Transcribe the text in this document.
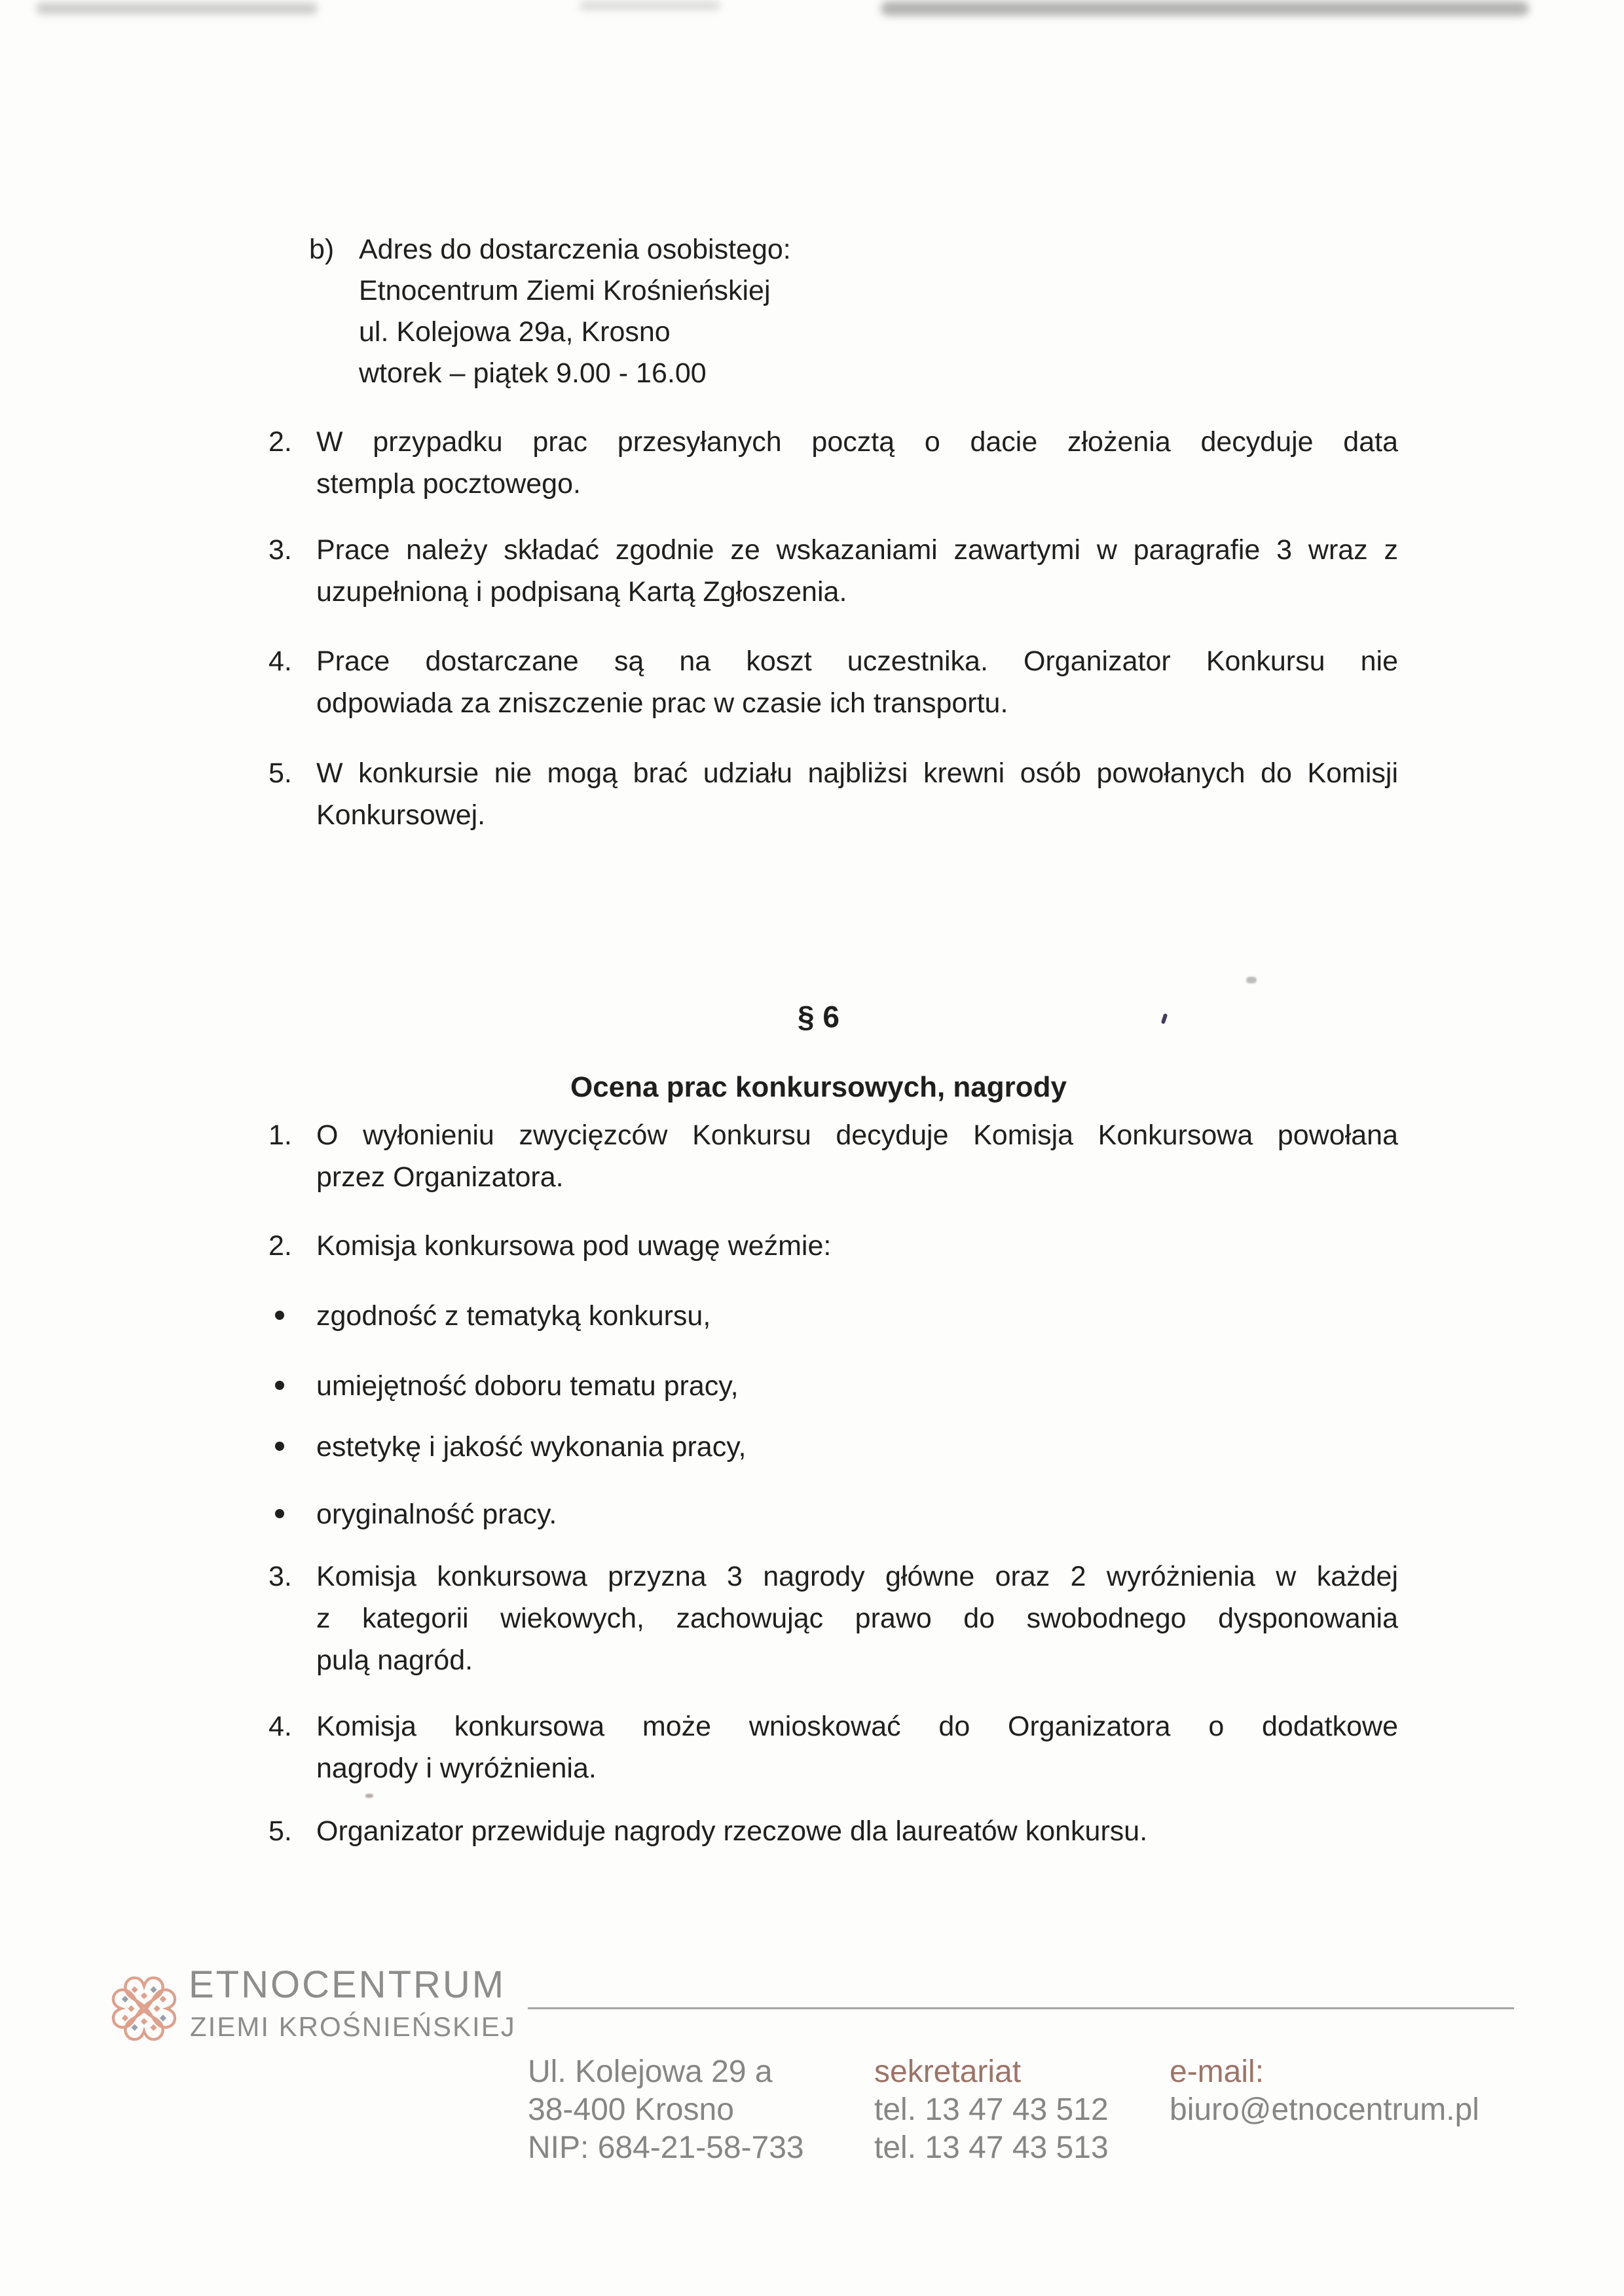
b) Adres do dostarczenia osobistego:
Etnocentrum Ziemi Krośnieńskiej
ul. Kolejowa 29a, Krosno
wtorek – piątek 9.00 - 16.00
2. W przypadku prac przesyłanych pocztą o dacie złożenia decyduje data
stempla pocztowego.
3. Prace należy składać zgodnie ze wskazaniami zawartymi w paragrafie 3 wraz z
uzupełnioną i podpisaną Kartą Zgłoszenia.
4. Prace dostarczane są na koszt uczestnika. Organizator Konkursu nie
odpowiada za zniszczenie prac w czasie ich transportu.
5. W konkursie nie mogą brać udziału najbliżsi krewni osób powołanych do Komisji
Konkursowej.
§ 6
Ocena prac konkursowych, nagrody
1. O wyłonieniu zwycięzców Konkursu decyduje Komisja Konkursowa powołana
przez Organizatora.
2. Komisja konkursowa pod uwagę weźmie:
zgodność z tematyką konkursu,
umiejętność doboru tematu pracy,
estetykę i jakość wykonania pracy,
oryginalność pracy.
3. Komisja konkursowa przyzna 3 nagrody główne oraz 2 wyróżnienia w każdej
z kategorii wiekowych, zachowując prawo do swobodnego dysponowania
pulą nagród.
4. Komisja konkursowa może wnioskować do Organizatora o dodatkowe
nagrody i wyróżnienia.
5. Organizator przewiduje nagrody rzeczowe dla laureatów konkursu.
ETNOCENTRUM
ZIEMI KROŚNIEŃSKIEJ
Ul. Kolejowa 29 a
38-400 Krosno
NIP: 684-21-58-733
sekretariat
tel. 13 47 43 512
tel. 13 47 43 513
e-mail:
biuro@etnocentrum.pl
